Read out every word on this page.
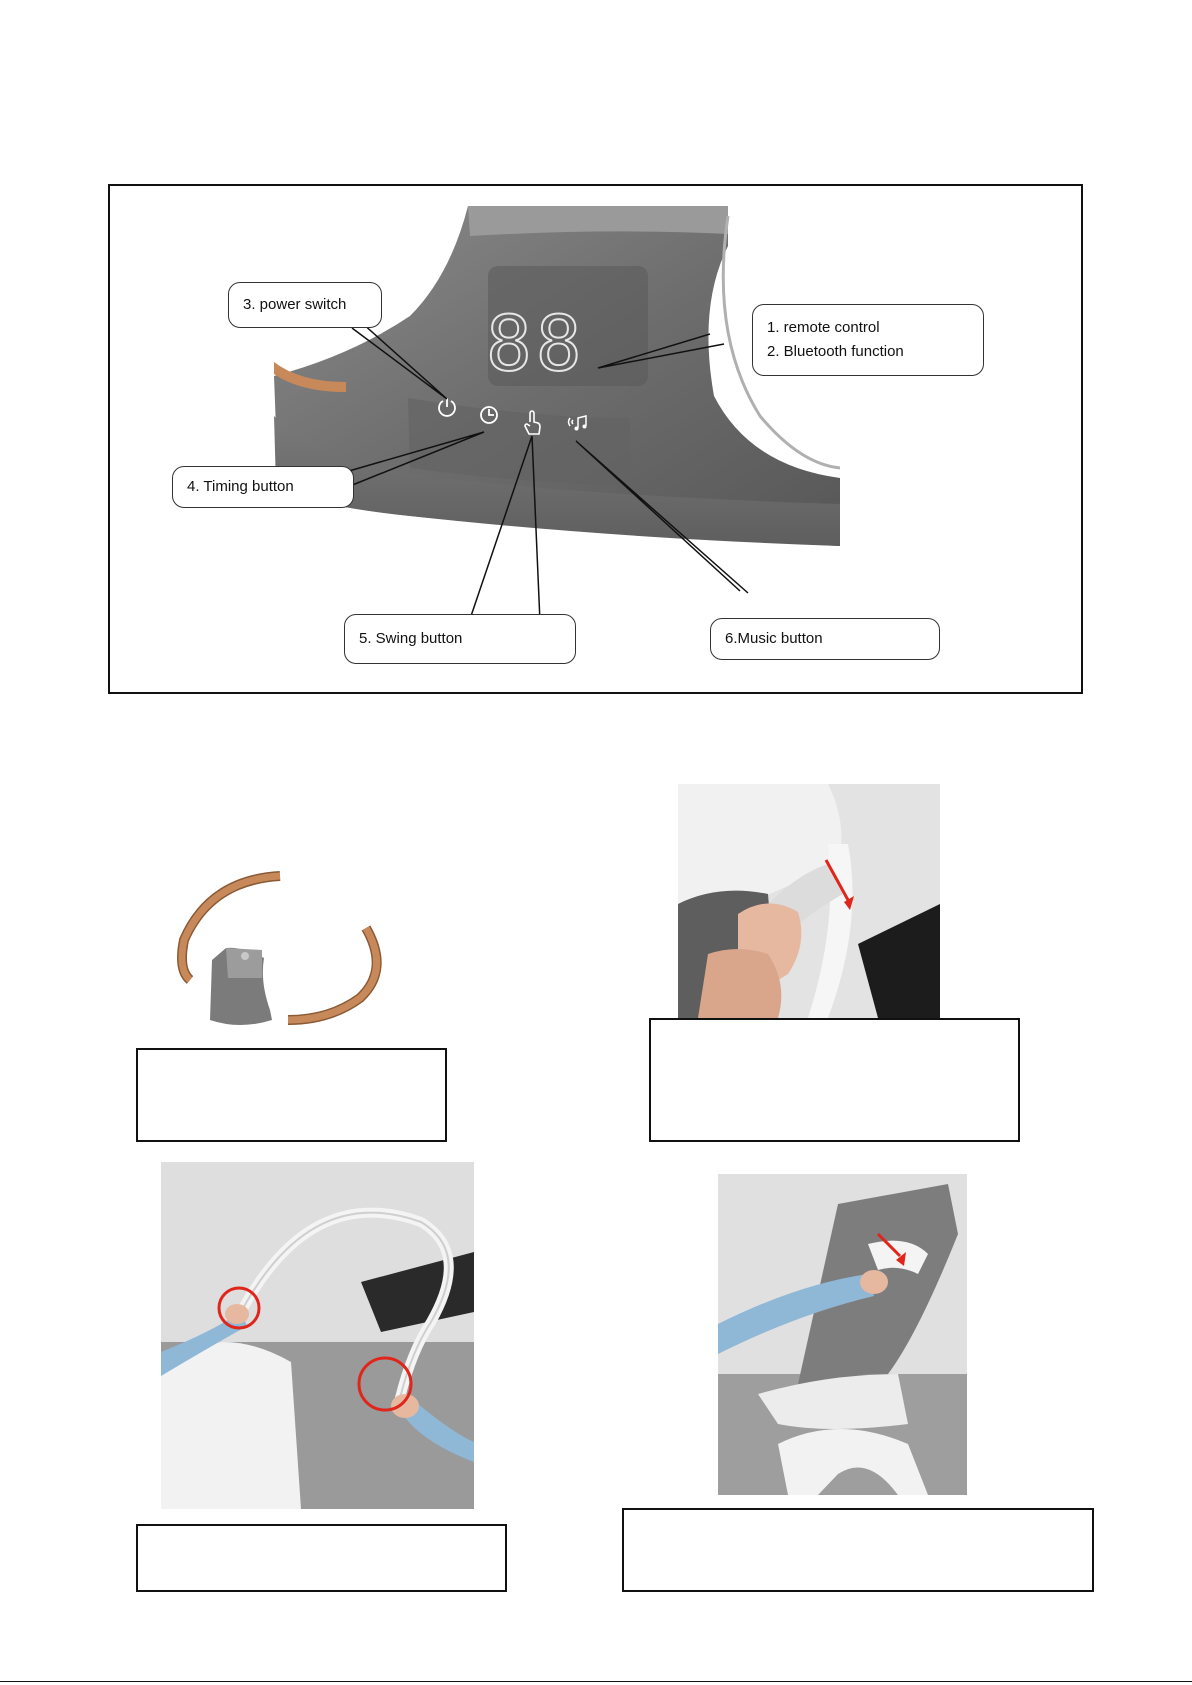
88
3. power switch
1. remote control
2. Bluetooth function
4. Timing button
5. Swing button	6.Music button
